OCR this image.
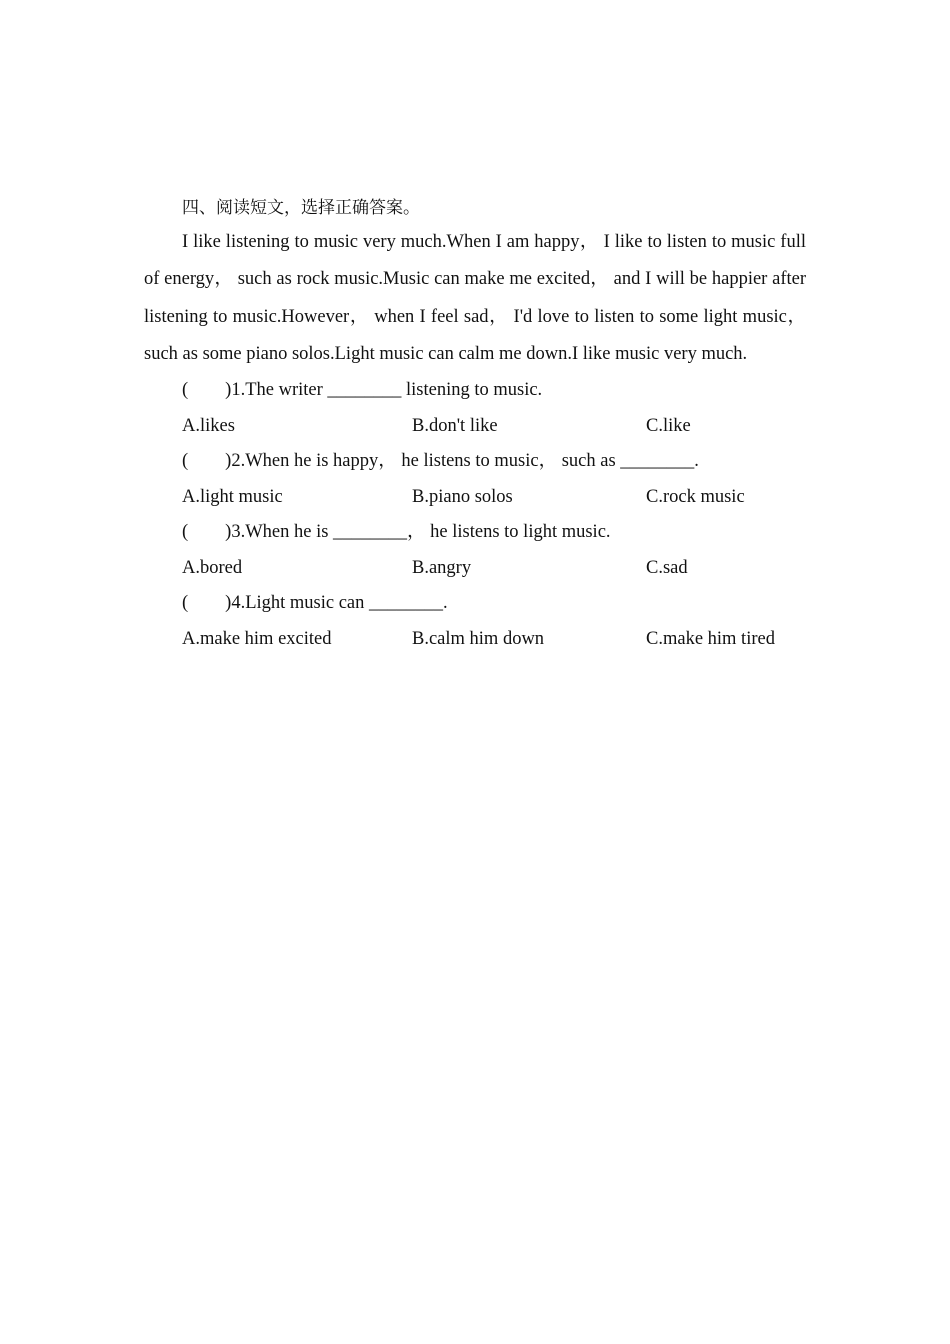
四、阅读短文，选择正确答案。

I like listening to music very much.When I am happy， I like to listen to music full of energy， such as rock music.Music can make me excited， and I will be happier after listening to music.However， when I feel sad， I'd love to listen to some light music， such as some piano solos.Light music can calm me down.I like music very much.

(        )1.The writer ________ listening to music.
A.likes	B.don't like	C.like
(        )2.When he is happy， he listens to music， such as ________.
A.light music	B.piano solos	C.rock music
(        )3.When he is ________， he listens to light music.
A.bored	B.angry	C.sad
(        )4.Light music can ________.
A.make him excited	B.calm him down	C.make him tired
